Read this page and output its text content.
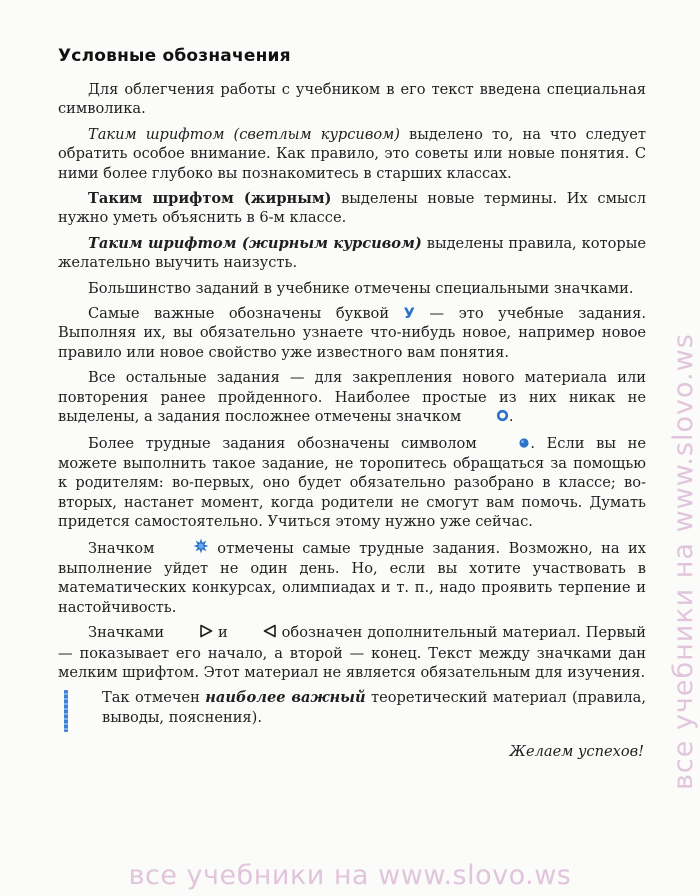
Условные обозначения

Для облегчения работы с учебником в его текст введена специальная символика.

Таким шрифтом (светлым курсивом) выделено то, на что следует обратить особое внимание. Как правило, это советы или новые понятия. С ними более глубоко вы познакомитесь в старших классах.

Таким шрифтом (жирным) выделены новые термины. Их смысл нужно уметь объяснить в 6-м классе.

Таким шрифтом (жирным курсивом) выделены правила, которые желательно выучить наизусть.

Большинство заданий в учебнике отмечены специальными значками.

Самые важные обозначены буквой У — это учебные задания. Выполняя их, вы обязательно узнаете что-нибудь новое, например новое правило или новое свойство уже известного вам понятия.

Все остальные задания — для закрепления нового материала или повторения ранее пройденного. Наиболее простые из них никак не выделены, а задания посложнее отмечены значком	.

Более трудные задания обозначены символом	. Если вы не можете выполнить такое задание, не торопитесь обращаться за помощью к родителям: во-первых, оно будет обязательно разобрано в классе; во-вторых, настанет момент, когда родители не смогут вам помочь. Думать придется самостоятельно. Учиться этому нужно уже сейчас.

Значком	отмечены самые трудные задания. Возможно, на их выполнение уйдет не один день. Но, если вы хотите участвовать в математических конкурсах, олимпиадах и т. п., надо проявить терпение и настойчивость.

Значками	и	обозначен дополнительный материал. Первый — показывает его начало, а второй — конец. Текст между значками дан мелким шрифтом. Этот материал не является обязательным для изучения.

Так отмечен наиболее важный теоретический материал (правила, выводы, пояснения).

Желаем успехов! все учебники на www.slovo.ws
все учебники на www.slovo.ws
